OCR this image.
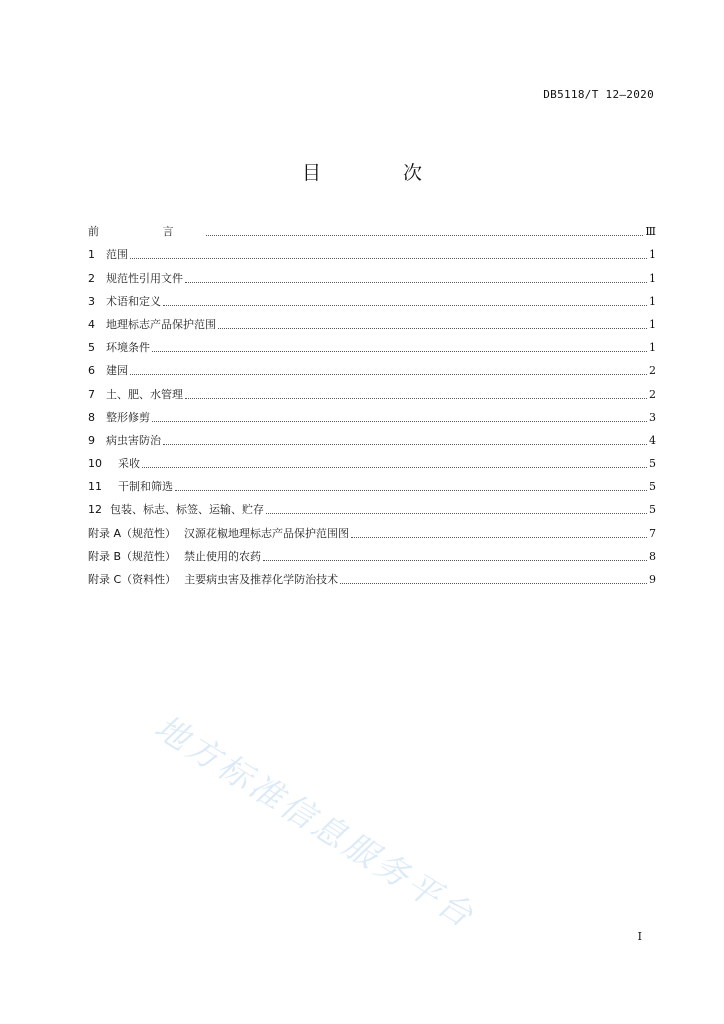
DB5118/T 12—2020
目 次
前 言	Ⅲ
1	范围	1
2	规范性引用文件	1
3	术语和定义	1
4	地理标志产品保护范围	1
5	环境条件	1
6	建园	2
7	土、肥、水管理	2
8	整形修剪	3
9	病虫害防治	4
10	采收	5
11	干制和筛选	5
12 包装、标志、标签、运输、贮存	5
附录 A（规范性） 汉源花椒地理标志产品保护范围图	7
附录 B（规范性） 禁止使用的农药	8
附录 C（资料性） 主要病虫害及推荐化学防治技术	9
地方标准信息服务平台
I
